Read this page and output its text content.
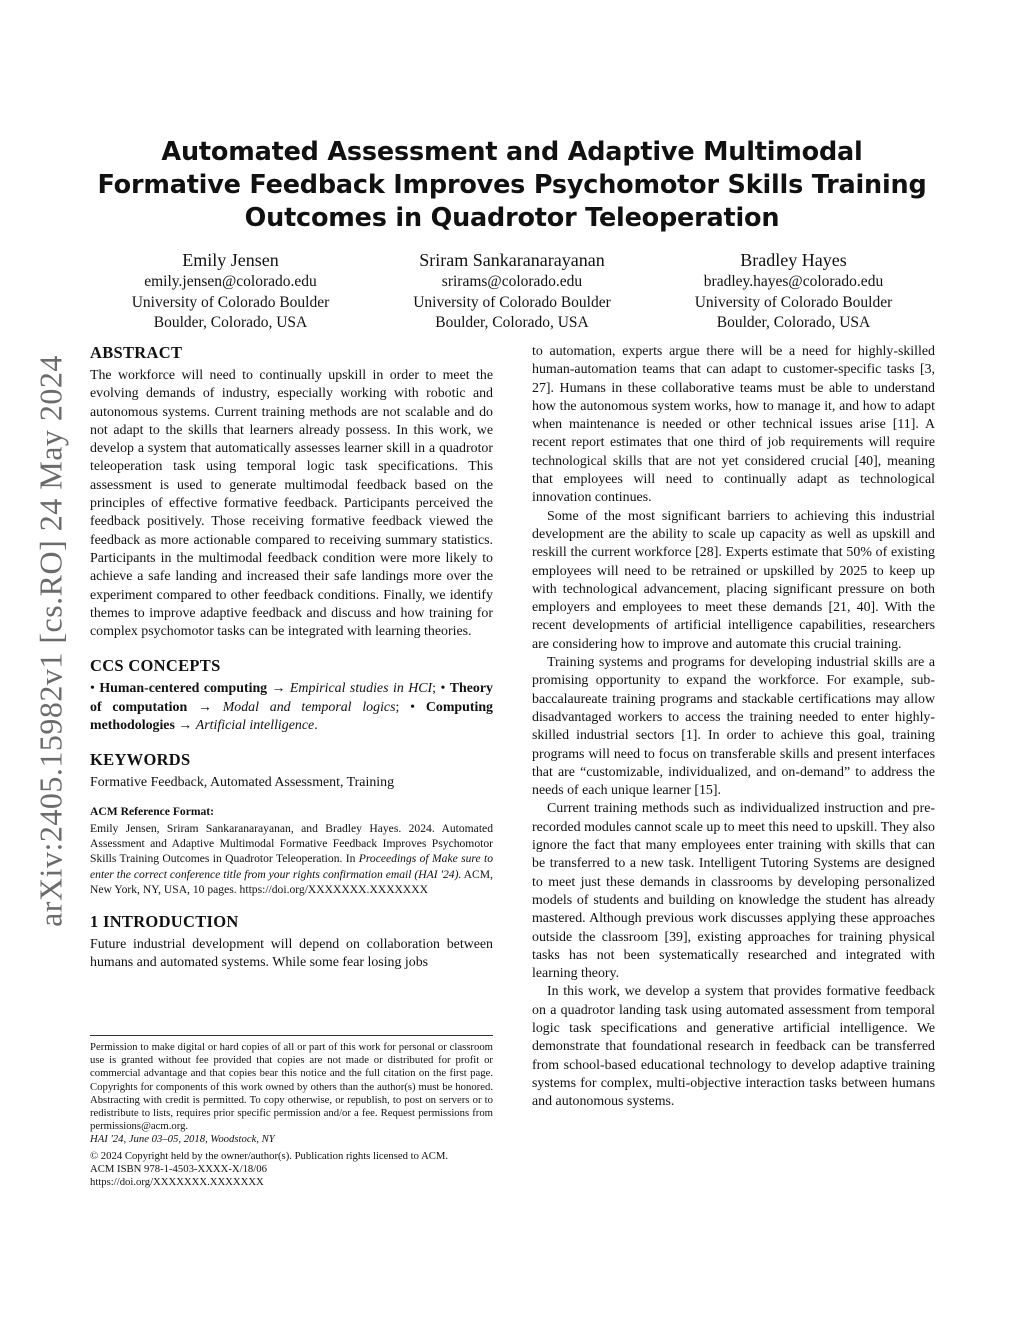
arXiv:2405.15982v1 [cs.RO] 24 May 2024
Automated Assessment and Adaptive Multimodal Formative Feedback Improves Psychomotor Skills Training Outcomes in Quadrotor Teleoperation
Emily Jensen
emily.jensen@colorado.edu
University of Colorado Boulder
Boulder, Colorado, USA
Sriram Sankaranarayanan
srirams@colorado.edu
University of Colorado Boulder
Boulder, Colorado, USA
Bradley Hayes
bradley.hayes@colorado.edu
University of Colorado Boulder
Boulder, Colorado, USA
ABSTRACT

The workforce will need to continually upskill in order to meet the evolving demands of industry, especially working with robotic and autonomous systems. Current training methods are not scalable and do not adapt to the skills that learners already possess. In this work, we develop a system that automatically assesses learner skill in a quadrotor teleoperation task using temporal logic task specifications. This assessment is used to generate multimodal feedback based on the principles of effective formative feedback. Participants perceived the feedback positively. Those receiving formative feedback viewed the feedback as more actionable compared to receiving summary statistics. Participants in the multimodal feedback condition were more likely to achieve a safe landing and increased their safe landings more over the experiment compared to other feedback conditions. Finally, we identify themes to improve adaptive feedback and discuss and how training for complex psychomotor tasks can be integrated with learning theories.

CCS CONCEPTS

• Human-centered computing → Empirical studies in HCI; • Theory of computation → Modal and temporal logics; • Computing methodologies → Artificial intelligence.

KEYWORDS

Formative Feedback, Automated Assessment, Training

ACM Reference Format:

Emily Jensen, Sriram Sankaranarayanan, and Bradley Hayes. 2024. Automated Assessment and Adaptive Multimodal Formative Feedback Improves Psychomotor Skills Training Outcomes in Quadrotor Teleoperation. In Proceedings of Make sure to enter the correct conference title from your rights confirmation email (HAI '24). ACM, New York, NY, USA, 10 pages. https://doi.org/XXXXXXX.XXXXXXX

1 INTRODUCTION

Future industrial development will depend on collaboration between humans and automated systems. While some fear losing jobs

Permission to make digital or hard copies of all or part of this work for personal or classroom use is granted without fee provided that copies are not made or distributed for profit or commercial advantage and that copies bear this notice and the full citation on the first page. Copyrights for components of this work owned by others than the author(s) must be honored. Abstracting with credit is permitted. To copy otherwise, or republish, to post on servers or to redistribute to lists, requires prior specific permission and/or a fee. Request permissions from permissions@acm.org.

HAI '24, June 03–05, 2018, Woodstock, NY
© 2024 Copyright held by the owner/author(s). Publication rights licensed to ACM.
ACM ISBN 978-1-4503-XXXX-X/18/06
https://doi.org/XXXXXXX.XXXXXXX

to automation, experts argue there will be a need for highly-skilled human-automation teams that can adapt to customer-specific tasks [3, 27]. Humans in these collaborative teams must be able to understand how the autonomous system works, how to manage it, and how to adapt when maintenance is needed or other technical issues arise [11]. A recent report estimates that one third of job requirements will require technological skills that are not yet considered crucial [40], meaning that employees will need to continually adapt as technological innovation continues.

Some of the most significant barriers to achieving this industrial development are the ability to scale up capacity as well as upskill and reskill the current workforce [28]. Experts estimate that 50% of existing employees will need to be retrained or upskilled by 2025 to keep up with technological advancement, placing significant pressure on both employers and employees to meet these demands [21, 40]. With the recent developments of artificial intelligence capabilities, researchers are considering how to improve and automate this crucial training.

Training systems and programs for developing industrial skills are a promising opportunity to expand the workforce. For example, sub-baccalaureate training programs and stackable certifications may allow disadvantaged workers to access the training needed to enter highly-skilled industrial sectors [1]. In order to achieve this goal, training programs will need to focus on transferable skills and present interfaces that are “customizable, individualized, and on-demand” to address the needs of each unique learner [15].

Current training methods such as individualized instruction and pre-recorded modules cannot scale up to meet this need to upskill. They also ignore the fact that many employees enter training with skills that can be transferred to a new task. Intelligent Tutoring Systems are designed to meet just these demands in classrooms by developing personalized models of students and building on knowledge the student has already mastered. Although previous work discusses applying these approaches outside the classroom [39], existing approaches for training physical tasks has not been systematically researched and integrated with learning theory.

In this work, we develop a system that provides formative feedback on a quadrotor landing task using automated assessment from temporal logic task specifications and generative artificial intelligence. We demonstrate that foundational research in feedback can be transferred from school-based educational technology to develop adaptive training systems for complex, multi-objective interaction tasks between humans and autonomous systems.
